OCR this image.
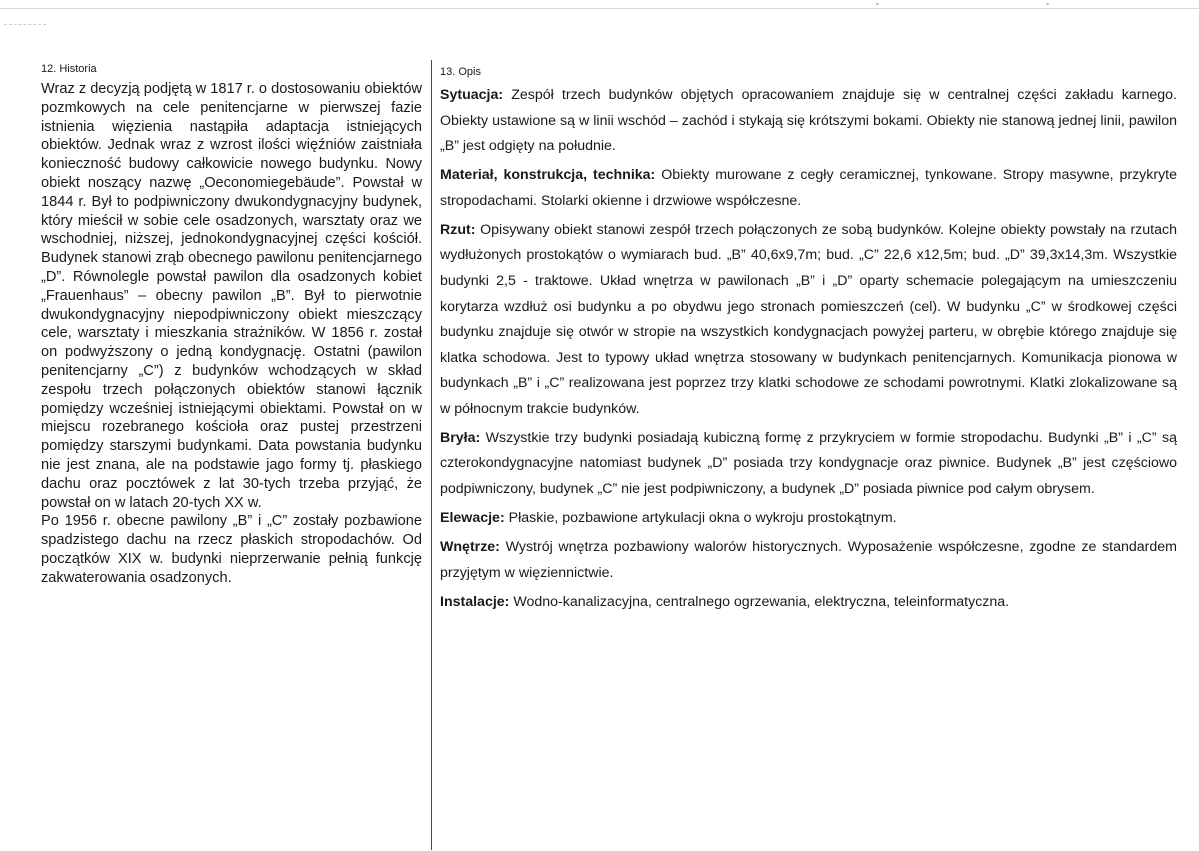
12. Historia

Wraz z decyzją podjętą w 1817 r. o dostosowaniu obiektów pozmkowych na cele penitencjarne w pierwszej fazie istnienia więzienia nastąpiła adaptacja istniejących obiektów. Jednak wraz z wzrost ilości więźniów zaistniała konieczność budowy całkowicie nowego budynku. Nowy obiekt noszący nazwę „Oeconomiegebäude”. Powstał w 1844 r. Był to podpiwniczony dwukondygnacyjny budynek, który mieścił w sobie cele osadzonych, warsztaty oraz we wschodniej, niższej, jednokondygnacyjnej części kościół. Budynek stanowi zrąb obecnego pawilonu penitencjarnego „D”. Równolegle powstał pawilon dla osadzonych kobiet „Frauenhaus” – obecny pawilon „B”. Był to pierwotnie dwukondygnacyjny niepodpiwniczony obiekt mieszczący cele, warsztaty i mieszkania strażników. W 1856 r. został on podwyższony o jedną kondygnację. Ostatni (pawilon penitencjarny „C”) z budynków wchodzących w skład zespołu trzech połączonych obiektów stanowi łącznik pomiędzy wcześniej istniejącymi obiektami. Powstał on w miejscu rozebranego kościoła oraz pustej przestrzeni pomiędzy starszymi budynkami. Data powstania budynku nie jest znana, ale na podstawie jago formy tj. płaskiego dachu oraz pocztówek z lat 30-tych trzeba przyjąć, że powstał on w latach 20-tych XX w.

Po 1956 r. obecne pawilony „B” i „C” zostały pozbawione spadzistego dachu na rzecz płaskich stropodachów. Od początków XIX w. budynki nieprzerwanie pełnią funkcję zakwaterowania osadzonych.

13. Opis

Sytuacja: Zespół trzech budynków objętych opracowaniem znajduje się w centralnej części zakładu karnego. Obiekty ustawione są w linii wschód – zachód i stykają się krótszymi bokami. Obiekty nie stanową jednej linii, pawilon „B” jest odgięty na południe.

Materiał, konstrukcja, technika: Obiekty murowane z cegły ceramicznej, tynkowane. Stropy masywne, przykryte stropodachami. Stolarki okienne i drzwiowe współczesne.

Rzut: Opisywany obiekt stanowi zespół trzech połączonych ze sobą budynków. Kolejne obiekty powstały na rzutach wydłużonych prostokątów o wymiarach bud. „B” 40,6x9,7m; bud. „C” 22,6 x12,5m; bud. „D” 39,3x14,3m. Wszystkie budynki 2,5 - traktowe. Układ wnętrza w pawilonach „B” i „D” oparty schemacie polegającym na umieszczeniu korytarza wzdłuż osi budynku a po obydwu jego stronach pomieszczeń (cel). W budynku „C” w środkowej części budynku znajduje się otwór w stropie na wszystkich kondygnacjach powyżej parteru, w obrębie którego znajduje się klatka schodowa. Jest to typowy układ wnętrza stosowany w budynkach penitencjarnych. Komunikacja pionowa w budynkach „B” i „C” realizowana jest poprzez trzy klatki schodowe ze schodami powrotnymi. Klatki zlokalizowane są w północnym trakcie budynków.

Bryła: Wszystkie trzy budynki posiadają kubiczną formę z przykryciem w formie stropodachu. Budynki „B” i „C” są czterokondygnacyjne natomiast budynek „D” posiada trzy kondygnacje oraz piwnice. Budynek „B” jest częściowo podpiwniczony, budynek „C” nie jest podpiwniczony, a budynek „D” posiada piwnice pod całym obrysem.

Elewacje: Płaskie, pozbawione artykulacji okna o wykroju prostokątnym.

Wnętrze: Wystrój wnętrza pozbawiony walorów historycznych. Wyposażenie współczesne, zgodne ze standardem przyjętym w więziennictwie.

Instalacje: Wodno-kanalizacyjna, centralnego ogrzewania, elektryczna, teleinformatyczna.
